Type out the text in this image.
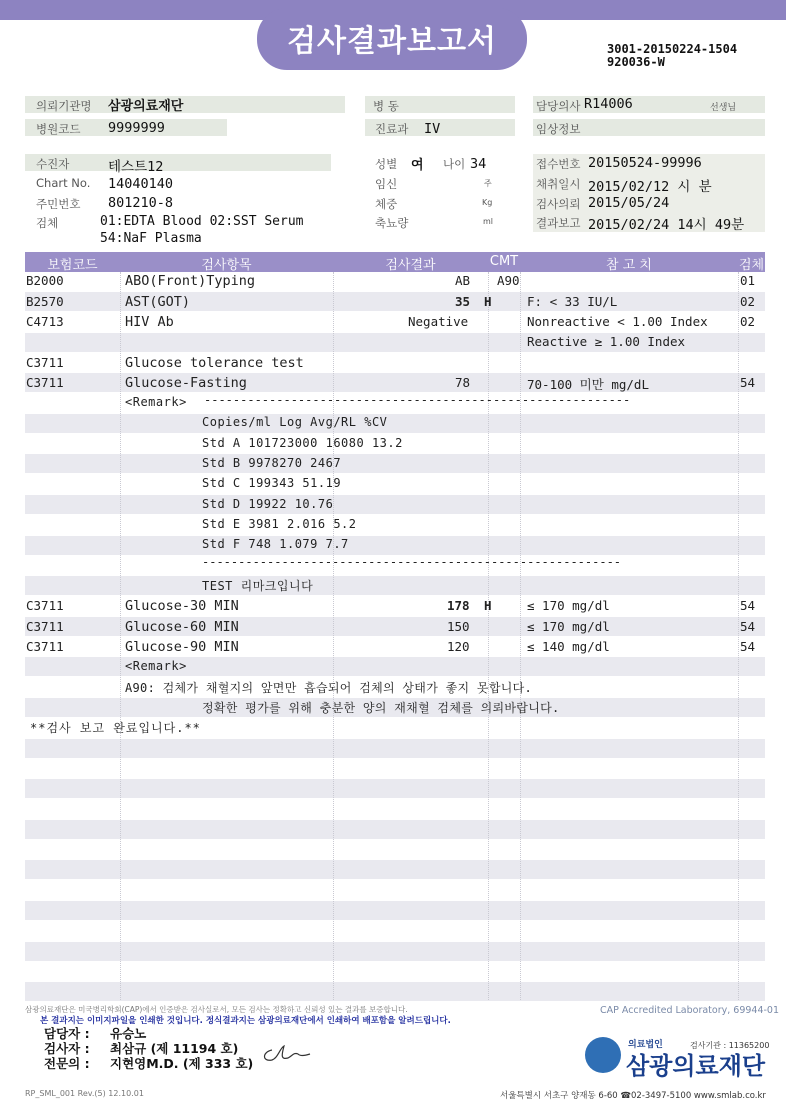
검사결과보고서	3001-20150224-1504
920036-W
의뢰기관명 삼광의료재단	병 동	담당의사 R14006	선생님
병원코드 9999999	진료과 IV	임상정보
수진자	테스트12	성별 여 나이 34	접수번호 20150524-99996
Chart No. 14040140	임신	주	채취일시 2015/02/12 시 분
주민번호 801210-8	체중	Kg	검사의뢰 2015/05/24
검체	01:EDTA Blood 02:SST Serum
54:NaF Plasma
축뇨량	ml	결과보고 2015/02/24 14시 49분
보험코드	검사항목	검사결과	CMT	참 고 치	검체
B2000	ABO(Front)Typing	AB A90	01
B2570	AST(GOT)	35 H	F: < 33 IU/L	02
C4713	HIV Ab	Negative	Nonreactive < 1.00 Index	02
Reactive ≥ 1.00 Index
C3711	Glucose tolerance test
C3711	Glucose-Fasting	78	70-100 미만 mg/dL	54
<Remark> -----------------------------------------------------------
Copies/ml Log Avg/RL %CV
Std A 101723000 16080 13.2
Std B 9978270 2467
Std C 199343 51.19
Std D 19922 10.76
Std E 3981 2.016 5.2
Std F 748 1.079 7.7
----------------------------------------------------------
TEST 리마크입니다
C3711	Glucose-30 MIN	178 H	≤ 170 mg/dl	54
C3711	Glucose-60 MIN	150	≤ 170 mg/dl	54
C3711	Glucose-90 MIN	120	≤ 140 mg/dl	54
<Remark>
A90: 검체가 채혈지의 앞면만 흡습되어 검체의 상태가 좋지 못합니다.
정확한 평가를 위해 충분한 양의 재채혈 검체를 의뢰바랍니다.
**검사 보고 완료입니다.**
삼광의료재단은 미국병리학회(CAP)에서 인증받은 검사실로서, 모든 검사는 정확하고 신뢰성 있는 결과를 보증합니다.	CAP Accredited Laboratory, 69944-01
본 결과지는 이미지파일을 인쇄한 것입니다. 정식결과지는 삼광의료재단에서 인쇄하여 배포함을 알려드립니다.
담당자 : 유승노
검사자 : 최삼규 (제 11194 호)
전문의 : 지현영M.D. (제 333 호)
의료법인	검사기관 : 11365200
삼광의료재단
RP_SML_001 Rev.(5) 12.10.01	서울특별시 서초구 양재동 6-60 ☎02-3497-5100 www.smlab.co.kr
